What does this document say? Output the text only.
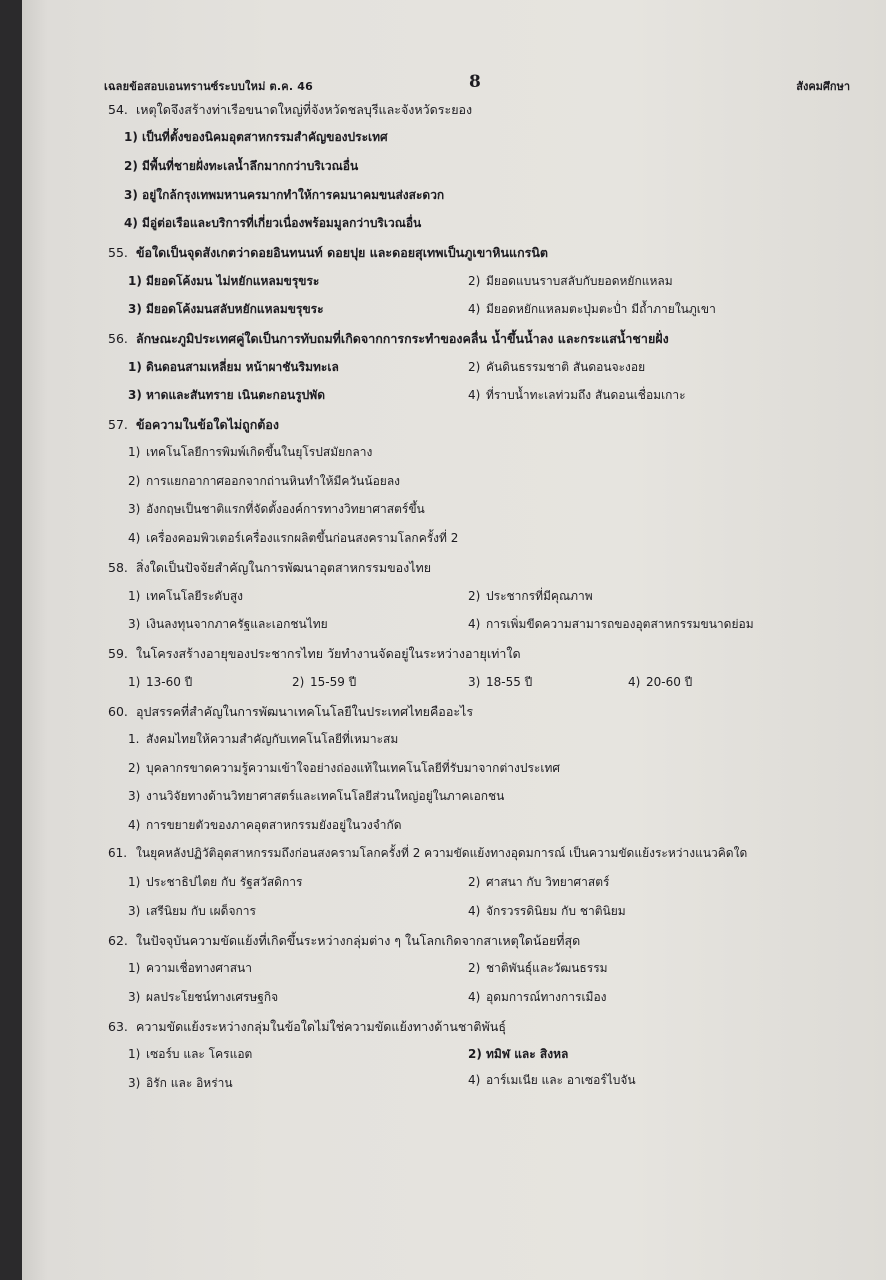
เฉลยข้อสอบเอนทรานซ์ระบบใหม่ ต.ค. 46	8	สังคมศึกษา
54. เหตุใดจึงสร้างท่าเรือขนาดใหญ่ที่จังหวัดชลบุรีและจังหวัดระยอง
1) เป็นที่ตั้งของนิคมอุตสาหกรรมสำคัญของประเทศ
2) มีพื้นที่ชายฝั่งทะเลน้ำลึกมากกว่าบริเวณอื่น
3) อยู่ใกล้กรุงเทพมหานครมากทำให้การคมนาคมขนส่งสะดวก
4) มีอู่ต่อเรือและบริการที่เกี่ยวเนื่องพร้อมมูลกว่าบริเวณอื่น
55. ข้อใดเป็นจุดสังเกตว่าดอยอินทนนท์ ดอยปุย และดอยสุเทพเป็นภูเขาหินแกรนิต
1) มียอดโค้งมน ไม่หยักแหลมขรุขระ	2) มียอดแบนราบสลับกับยอดหยักแหลม
3) มียอดโค้งมนสลับหยักแหลมขรุขระ	4) มียอดหยักแหลมตะปุ่มตะป่ำ มีถ้ำภายในภูเขา
56. ลักษณะภูมิประเทศคู่ใดเป็นการทับถมที่เกิดจากการกระทำของคลื่น น้ำขึ้นน้ำลง และกระแสน้ำชายฝั่ง
1) ดินดอนสามเหลี่ยม หน้าผาชันริมทะเล	2) คันดินธรรมชาติ สันดอนจะงอย
3) หาดและสันทราย เนินตะกอนรูปพัด	4) ที่ราบน้ำทะเลท่วมถึง สันดอนเชื่อมเกาะ
57. ข้อความในข้อใดไม่ถูกต้อง
1) เทคโนโลยีการพิมพ์เกิดขึ้นในยุโรปสมัยกลาง
2) การแยกอากาศออกจากถ่านหินทำให้มีควันน้อยลง
3) อังกฤษเป็นชาติแรกที่จัดตั้งองค์การทางวิทยาศาสตร์ขึ้น
4) เครื่องคอมพิวเตอร์เครื่องแรกผลิตขึ้นก่อนสงครามโลกครั้งที่ 2
58. สิ่งใดเป็นปัจจัยสำคัญในการพัฒนาอุตสาหกรรมของไทย
1) เทคโนโลยีระดับสูง	2) ประชากรที่มีคุณภาพ
3) เงินลงทุนจากภาครัฐและเอกชนไทย	4) การเพิ่มขีดความสามารถของอุตสาหกรรมขนาดย่อม
59. ในโครงสร้างอายุของประชากรไทย วัยทำงานจัดอยู่ในระหว่างอายุเท่าใด
1) 13-60 ปี	2) 15-59 ปี	3) 18-55 ปี	4) 20-60 ปี
60. อุปสรรคที่สำคัญในการพัฒนาเทคโนโลยีในประเทศไทยคืออะไร
1. สังคมไทยให้ความสำคัญกับเทคโนโลยีที่เหมาะสม
2) บุคลากรขาดความรู้ความเข้าใจอย่างถ่องแท้ในเทคโนโลยีที่รับมาจากต่างประเทศ
3) งานวิจัยทางด้านวิทยาศาสตร์และเทคโนโลยีส่วนใหญ่อยู่ในภาคเอกชน
4) การขยายตัวของภาคอุตสาหกรรมยังอยู่ในวงจำกัด
61. ในยุคหลังปฏิวัติอุตสาหกรรมถึงก่อนสงครามโลกครั้งที่ 2 ความขัดแย้งทางอุดมการณ์ เป็นความขัดแย้งระหว่างแนวคิดใด
1) ประชาธิปไตย กับ รัฐสวัสดิการ	2) ศาสนา กับ วิทยาศาสตร์
3) เสรีนิยม กับ เผด็จการ	4) จักรวรรดินิยม กับ ชาตินิยม
62. ในปัจจุบันความขัดแย้งที่เกิดขึ้นระหว่างกลุ่มต่าง ๆ ในโลกเกิดจากสาเหตุใดน้อยที่สุด
1) ความเชื่อทางศาสนา	2) ชาติพันธุ์และวัฒนธรรม
3) ผลประโยชน์ทางเศรษฐกิจ	4) อุดมการณ์ทางการเมือง
63. ความขัดแย้งระหว่างกลุ่มในข้อใดไม่ใช่ความขัดแย้งทางด้านชาติพันธุ์
1) เซอร์บ และ โครแอต	2) ทมิฬ และ สิงหล
3) อิรัก และ อิหร่าน	4) อาร์เมเนีย และ อาเซอร์ไบจัน
